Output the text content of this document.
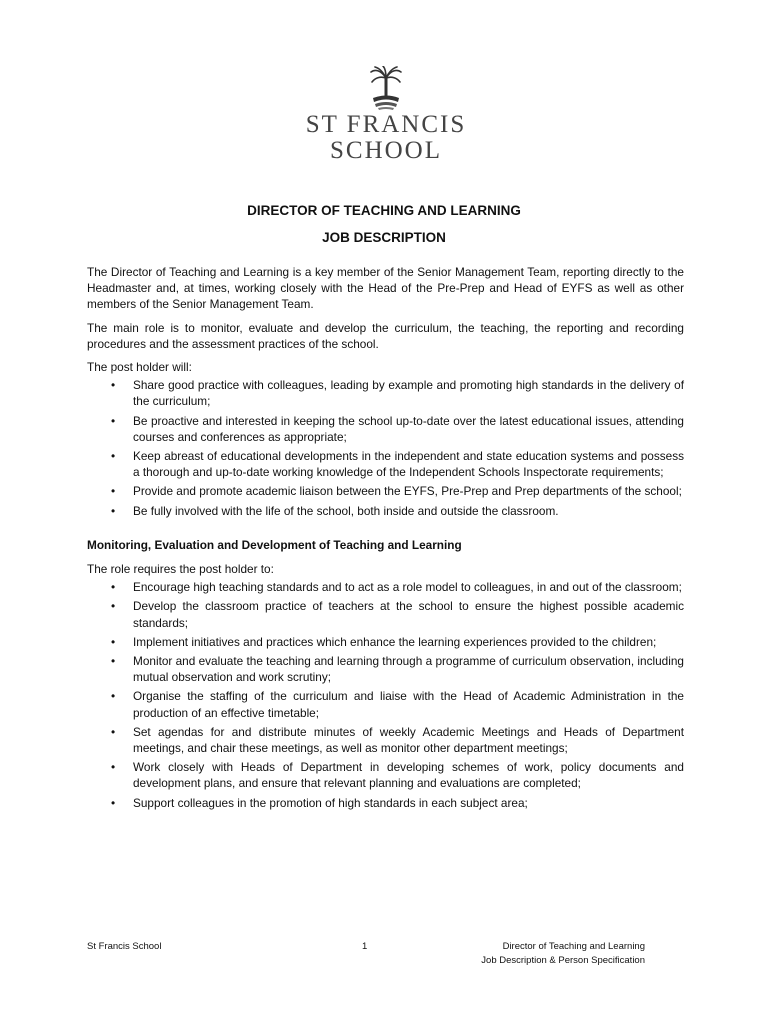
ST FRANCIS
SCHOOL
DIRECTOR OF TEACHING AND LEARNING
JOB DESCRIPTION

The Director of Teaching and Learning is a key member of the Senior Management Team, reporting directly to the Headmaster and, at times, working closely with the Head of the Pre-Prep and Head of EYFS as well as other members of the Senior Management Team.

The main role is to monitor, evaluate and develop the curriculum, the teaching, the reporting and recording procedures and the assessment practices of the school.

The post holder will:

• Share good practice with colleagues, leading by example and promoting high standards in the delivery of the curriculum;
• Be proactive and interested in keeping the school up-to-date over the latest educational issues, attending courses and conferences as appropriate;
• Keep abreast of educational developments in the independent and state education systems and possess a thorough and up-to-date working knowledge of the Independent Schools Inspectorate requirements;
• Provide and promote academic liaison between the EYFS, Pre-Prep and Prep departments of the school;
• Be fully involved with the life of the school, both inside and outside the classroom.
Monitoring, Evaluation and Development of Teaching and Learning

The role requires the post holder to:

• Encourage high teaching standards and to act as a role model to colleagues, in and out of the classroom;
• Develop the classroom practice of teachers at the school to ensure the highest possible academic standards;
• Implement initiatives and practices which enhance the learning experiences provided to the children;
• Monitor and evaluate the teaching and learning through a programme of curriculum observation, including mutual observation and work scrutiny;
• Organise the staffing of the curriculum and liaise with the Head of Academic Administration in the production of an effective timetable;
• Set agendas for and distribute minutes of weekly Academic Meetings and Heads of Department meetings, and chair these meetings, as well as monitor other department meetings;
• Work closely with Heads of Department in developing schemes of work, policy documents and development plans, and ensure that relevant planning and evaluations are completed;
• Support colleagues in the promotion of high standards in each subject area;
St Francis School	1	Director of Teaching and Learning
Job Description & Person Specification
